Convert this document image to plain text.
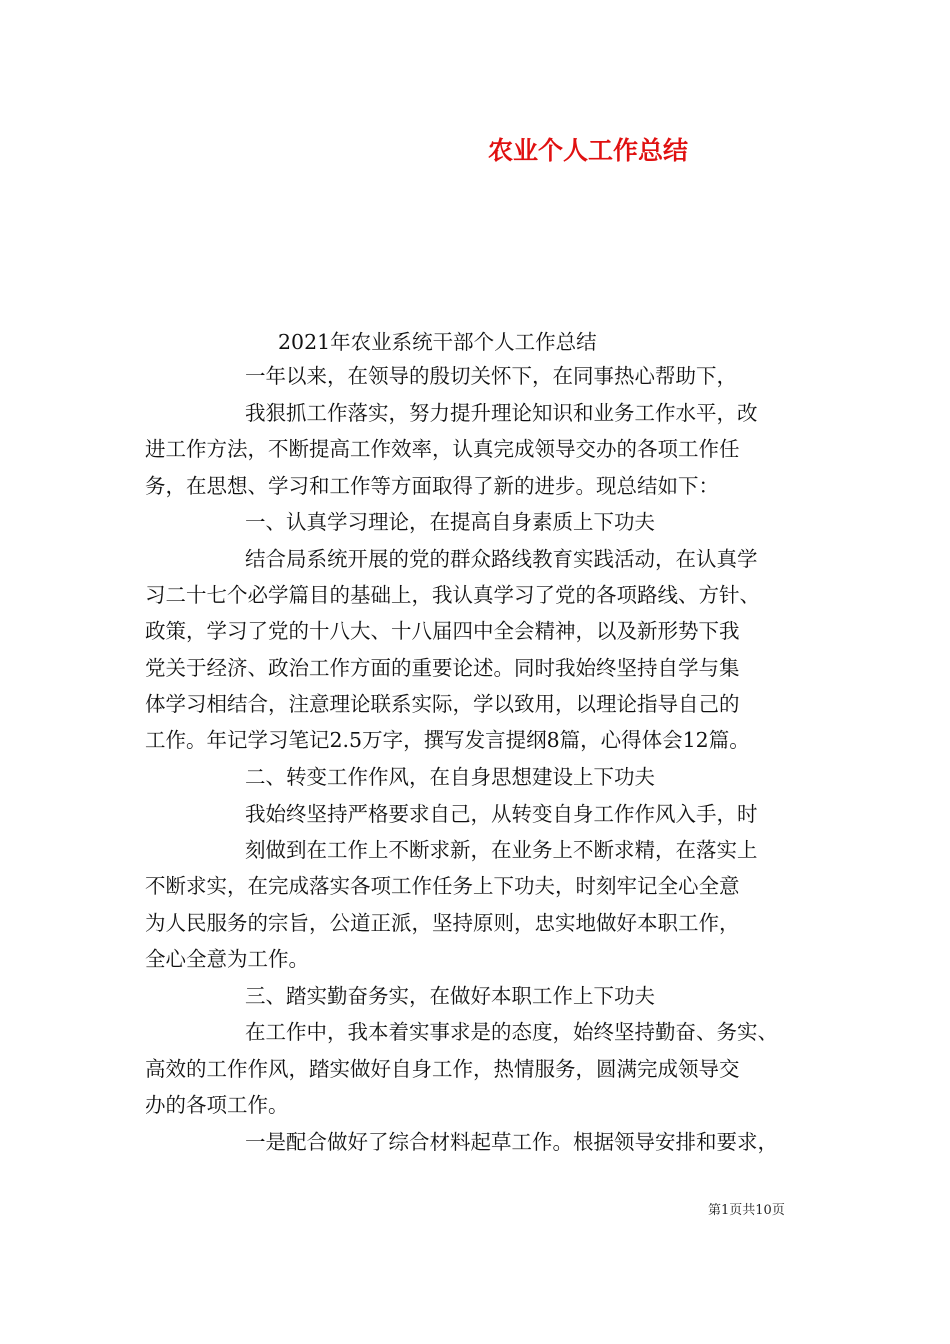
农业个人工作总结

2021年农业系统干部个人工作总结

一年以来，在领导的殷切关怀下，在同事热心帮助下，

我狠抓工作落实，努力提升理论知识和业务工作水平，改

进工作方法，不断提高工作效率，认真完成领导交办的各项工作任

务，在思想、学习和工作等方面取得了新的进步。现总结如下：

一、认真学习理论，在提高自身素质上下功夫

结合局系统开展的党的群众路线教育实践活动，在认真学

习二十七个必学篇目的基础上，我认真学习了党的各项路线、方针、

政策，学习了党的十八大、十八届四中全会精神，以及新形势下我

党关于经济、政治工作方面的重要论述。同时我始终坚持自学与集

体学习相结合，注意理论联系实际，学以致用，以理论指导自己的

工作。年记学习笔记2.5万字，撰写发言提纲8篇，心得体会12篇。

二、转变工作作风，在自身思想建设上下功夫

我始终坚持严格要求自己，从转变自身工作作风入手，时

刻做到在工作上不断求新，在业务上不断求精，在落实上

不断求实，在完成落实各项工作任务上下功夫，时刻牢记全心全意

为人民服务的宗旨，公道正派，坚持原则，忠实地做好本职工作，

全心全意为工作。

三、踏实勤奋务实，在做好本职工作上下功夫

在工作中，我本着实事求是的态度，始终坚持勤奋、务实、

高效的工作作风，踏实做好自身工作，热情服务，圆满完成领导交

办的各项工作。

一是配合做好了综合材料起草工作。根据领导安排和要求，

第1页共10页
